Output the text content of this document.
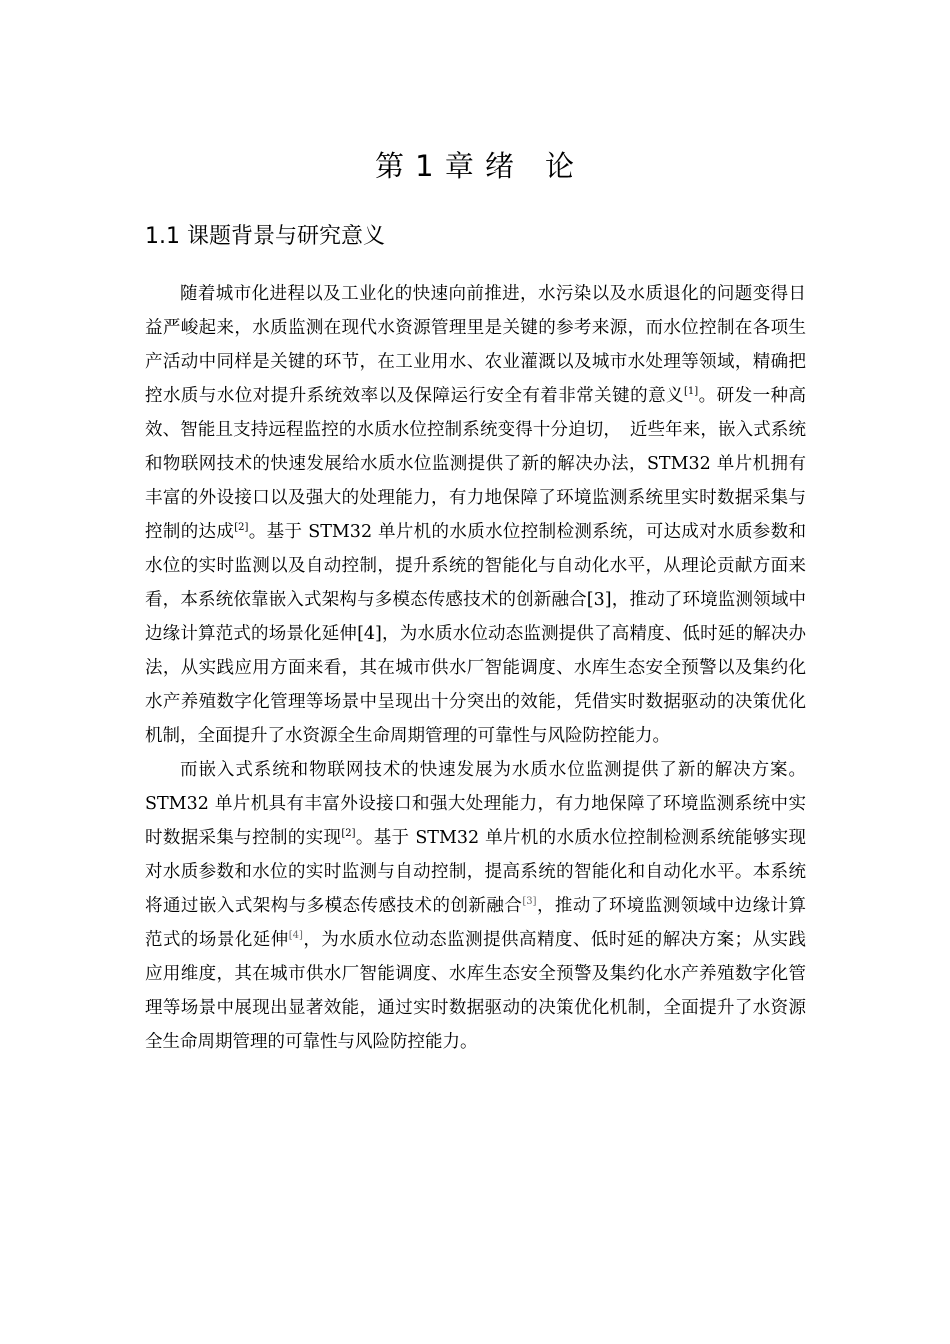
第 1 章 绪　论
1.1 课题背景与研究意义

随着城市化进程以及工业化的快速向前推进，水污染以及水质退化的问题变得日益严峻起来，水质监测在现代水资源管理里是关键的参考来源，而水位控制在各项生产活动中同样是关键的环节，在工业用水、农业灌溉以及城市水处理等领域，精确把控水质与水位对提升系统效率以及保障运行安全有着非常关键的意义[1]。研发一种高效、智能且支持远程监控的水质水位控制系统变得十分迫切，　近些年来，嵌入式系统和物联网技术的快速发展给水质水位监测提供了新的解决办法，STM32 单片机拥有丰富的外设接口以及强大的处理能力，有力地保障了环境监测系统里实时数据采集与控制的达成[2]。基于 STM32 单片机的水质水位控制检测系统，可达成对水质参数和水位的实时监测以及自动控制，提升系统的智能化与自动化水平，从理论贡献方面来看，本系统依靠嵌入式架构与多模态传感技术的创新融合[3]，推动了环境监测领域中边缘计算范式的场景化延伸[4]，为水质水位动态监测提供了高精度、低时延的解决办法，从实践应用方面来看，其在城市供水厂智能调度、水库生态安全预警以及集约化水产养殖数字化管理等场景中呈现出十分突出的效能，凭借实时数据驱动的决策优化机制，全面提升了水资源全生命周期管理的可靠性与风险防控能力。

而嵌入式系统和物联网技术的快速发展为水质水位监测提供了新的解决方案。STM32 单片机具有丰富外设接口和强大处理能力，有力地保障了环境监测系统中实时数据采集与控制的实现[2]。基于 STM32 单片机的水质水位控制检测系统能够实现对水质参数和水位的实时监测与自动控制，提高系统的智能化和自动化水平。本系统将通过嵌入式架构与多模态传感技术的创新融合[3]，推动了环境监测领域中边缘计算范式的场景化延伸[4]，为水质水位动态监测提供高精度、低时延的解决方案；从实践应用维度，其在城市供水厂智能调度、水库生态安全预警及集约化水产养殖数字化管理等场景中展现出显著效能，通过实时数据驱动的决策优化机制，全面提升了水资源全生命周期管理的可靠性与风险防控能力。
